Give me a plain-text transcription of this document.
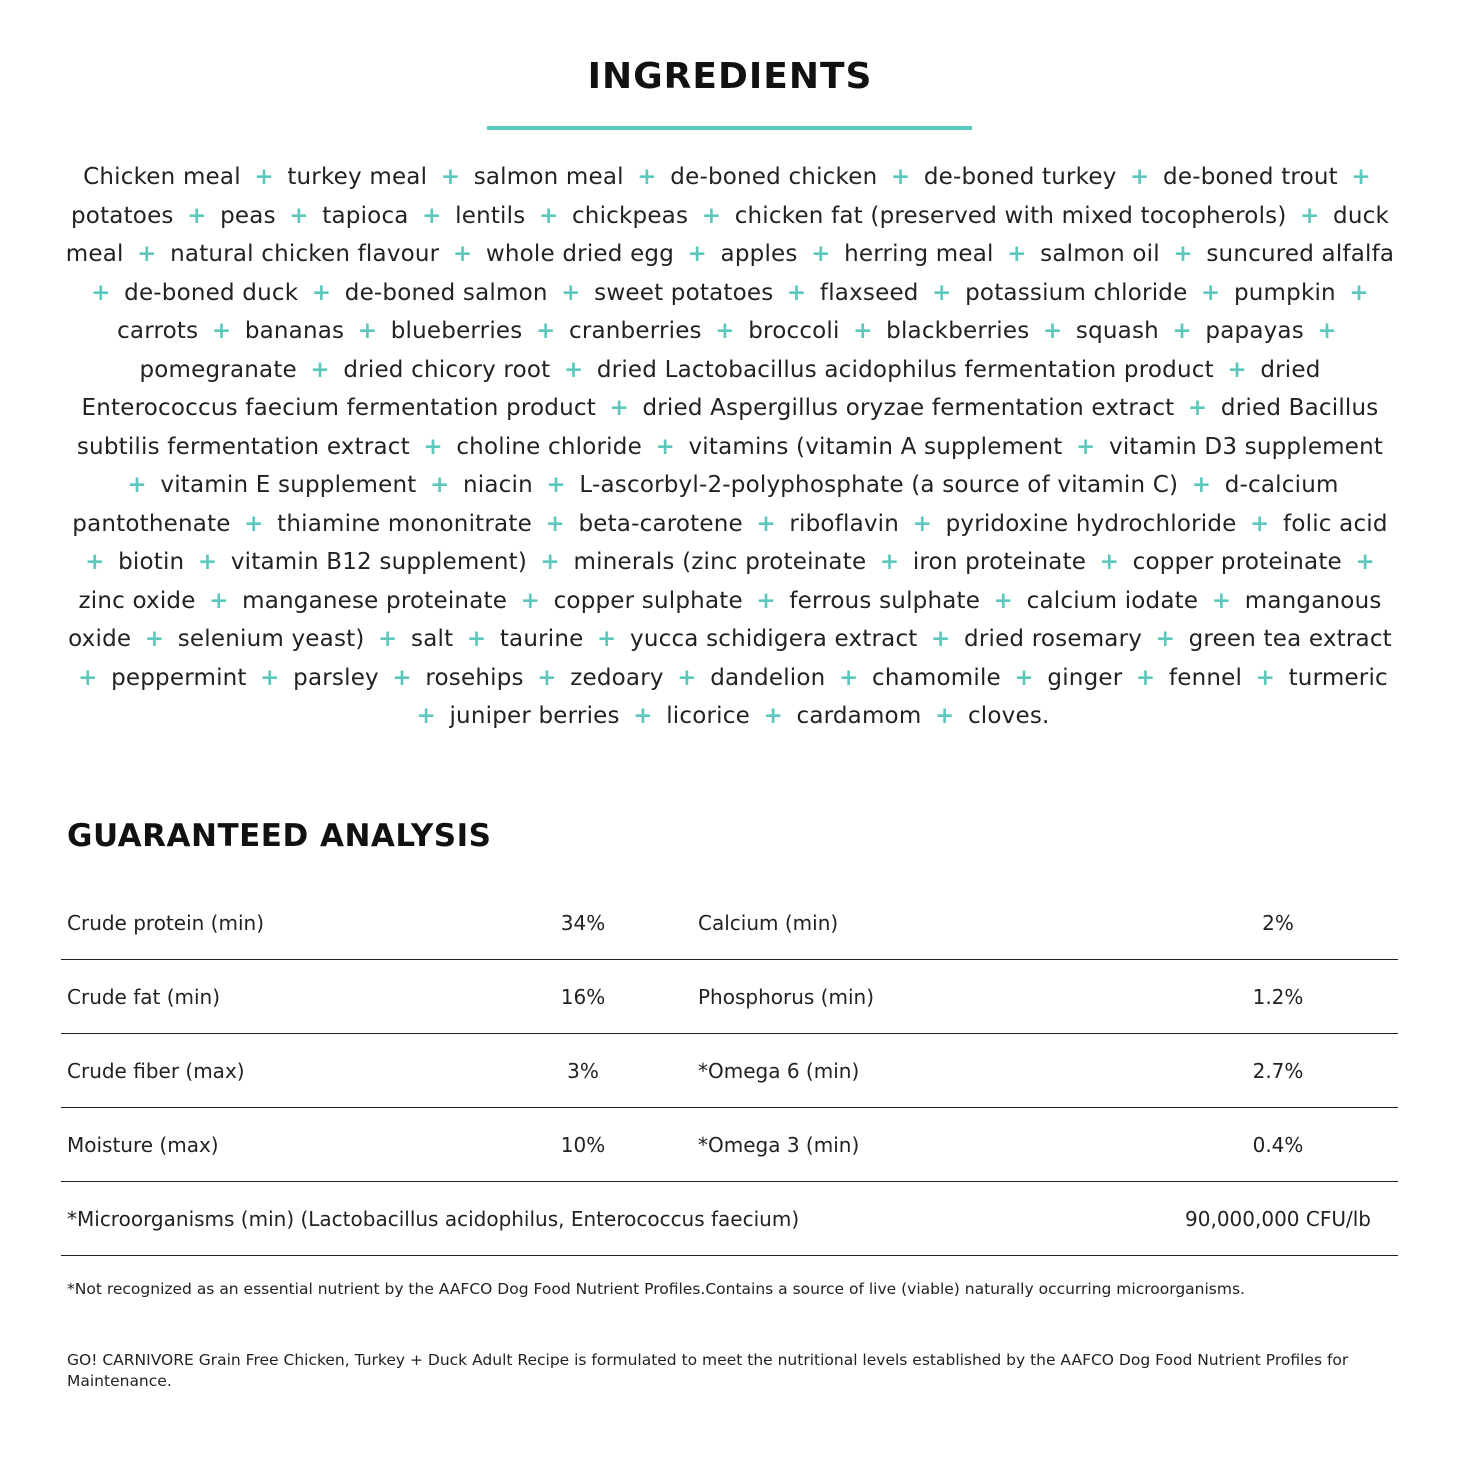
INGREDIENTS
Chicken meal + turkey meal + salmon meal + de-boned chicken + de-boned turkey + de-boned trout + potatoes + peas + tapioca + lentils + chickpeas + chicken fat (preserved with mixed tocopherols) + duck meal + natural chicken flavour + whole dried egg + apples + herring meal + salmon oil + suncured alfalfa + de-boned duck + de-boned salmon + sweet potatoes + flaxseed + potassium chloride + pumpkin + carrots + bananas + blueberries + cranberries + broccoli + blackberries + squash + papayas + pomegranate + dried chicory root + dried Lactobacillus acidophilus fermentation product + dried Enterococcus faecium fermentation product + dried Aspergillus oryzae fermentation extract + dried Bacillus subtilis fermentation extract + choline chloride + vitamins (vitamin A supplement + vitamin D3 supplement + vitamin E supplement + niacin + L-ascorbyl-2-polyphosphate (a source of vitamin C) + d-calcium pantothenate + thiamine mononitrate + beta-carotene + riboflavin + pyridoxine hydrochloride + folic acid + biotin + vitamin B12 supplement) + minerals (zinc proteinate + iron proteinate + copper proteinate + zinc oxide + manganese proteinate + copper sulphate + ferrous sulphate + calcium iodate + manganous oxide + selenium yeast) + salt + taurine + yucca schidigera extract + dried rosemary + green tea extract + peppermint + parsley + rosehips + zedoary + dandelion + chamomile + ginger + fennel + turmeric + juniper berries + licorice + cardamom + cloves.
GUARANTEED ANALYSIS
Crude protein (min)	34%	Calcium (min)	2%
Crude fat (min)	16%	Phosphorus (min)	1.2%
Crude fiber (max)	3%	*Omega 6 (min)	2.7%
Moisture (max)	10%	*Omega 3 (min)	0.4%
*Microorganisms (min) (Lactobacillus acidophilus, Enterococcus faecium)			90,000,000 CFU/lb

*Not recognized as an essential nutrient by the AAFCO Dog Food Nutrient Profiles.Contains a source of live (viable) naturally occurring microorganisms.

GO! CARNIVORE Grain Free Chicken, Turkey + Duck Adult Recipe is formulated to meet the nutritional levels established by the AAFCO Dog Food Nutrient Profiles for Maintenance.
